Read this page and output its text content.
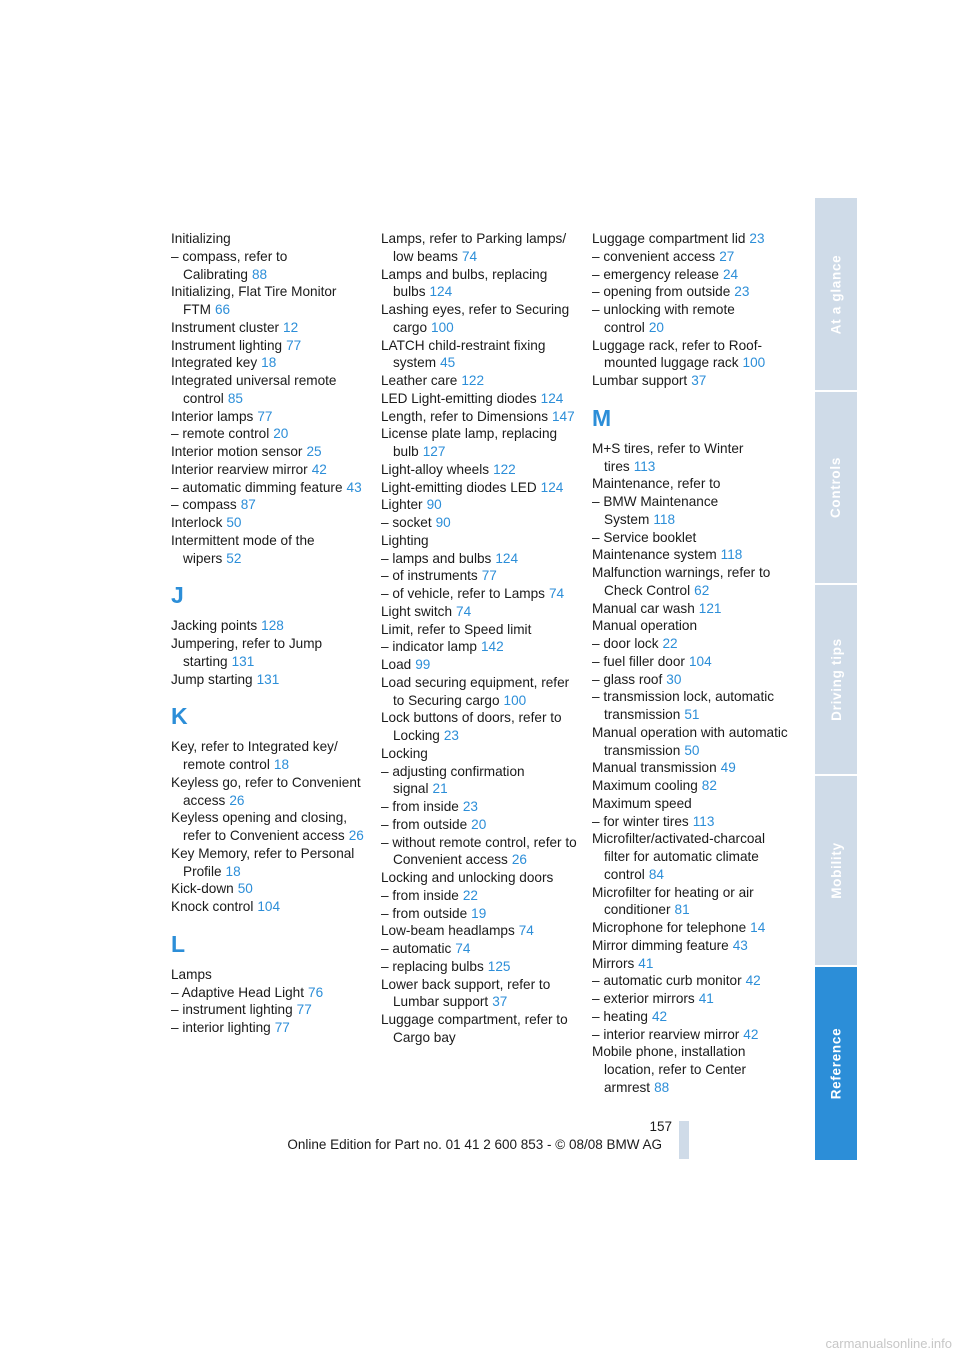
Initializing
– compass, refer to Calibrating 88
Initializing, Flat Tire Monitor FTM 66
Instrument cluster 12
Instrument lighting 77
Integrated key 18
Integrated universal remote control 85
Interior lamps 77
– remote control 20
Interior motion sensor 25
Interior rearview mirror 42
– automatic dimming feature 43
– compass 87
Interlock 50
Intermittent mode of the wipers 52
J
Jacking points 128
Jumpering, refer to Jump starting 131
Jump starting 131
K
Key, refer to Integrated key/ remote control 18
Keyless go, refer to Convenient access 26
Keyless opening and closing, refer to Convenient access 26
Key Memory, refer to Personal Profile 18
Kick-down 50
Knock control 104
L
Lamps
– Adaptive Head Light 76
– instrument lighting 77
– interior lighting 77
Lamps, refer to Parking lamps/ low beams 74
Lamps and bulbs, replacing bulbs 124
Lashing eyes, refer to Securing cargo 100
LATCH child-restraint fixing system 45
Leather care 122
LED Light-emitting diodes 124
Length, refer to Dimensions 147
License plate lamp, replacing bulb 127
Light-alloy wheels 122
Light-emitting diodes LED 124
Lighter 90
– socket 90
Lighting
– lamps and bulbs 124
– of instruments 77
– of vehicle, refer to Lamps 74
Light switch 74
Limit, refer to Speed limit
– indicator lamp 142
Load 99
Load securing equipment, refer to Securing cargo 100
Lock buttons of doors, refer to Locking 23
Locking
– adjusting confirmation signal 21
– from inside 23
– from outside 20
– without remote control, refer to Convenient access 26
Locking and unlocking doors
– from inside 22
– from outside 19
Low-beam headlamps 74
– automatic 74
– replacing bulbs 125
Lower back support, refer to Lumbar support 37
Luggage compartment, refer to Cargo bay
Luggage compartment lid 23
– convenient access 27
– emergency release 24
– opening from outside 23
– unlocking with remote control 20
Luggage rack, refer to Roof-mounted luggage rack 100
Lumbar support 37
M
M+S tires, refer to Winter tires 113
Maintenance, refer to
– BMW Maintenance System 118
– Service booklet
Maintenance system 118
Malfunction warnings, refer to Check Control 62
Manual car wash 121
Manual operation
– door lock 22
– fuel filler door 104
– glass roof 30
– transmission lock, automatic transmission 51
Manual operation with automatic transmission 50
Manual transmission 49
Maximum cooling 82
Maximum speed
– for winter tires 113
Microfilter/activated-charcoal filter for automatic climate control 84
Microfilter for heating or air conditioner 81
Microphone for telephone 14
Mirror dimming feature 43
Mirrors 41
– automatic curb monitor 42
– exterior mirrors 41
– heating 42
– interior rearview mirror 42
Mobile phone, installation location, refer to Center armrest 88
At a glance
Controls
Driving tips
Mobility
Reference
157
Online Edition for Part no. 01 41 2 600 853 - © 08/08 BMW AG
carmanualsonline.info
